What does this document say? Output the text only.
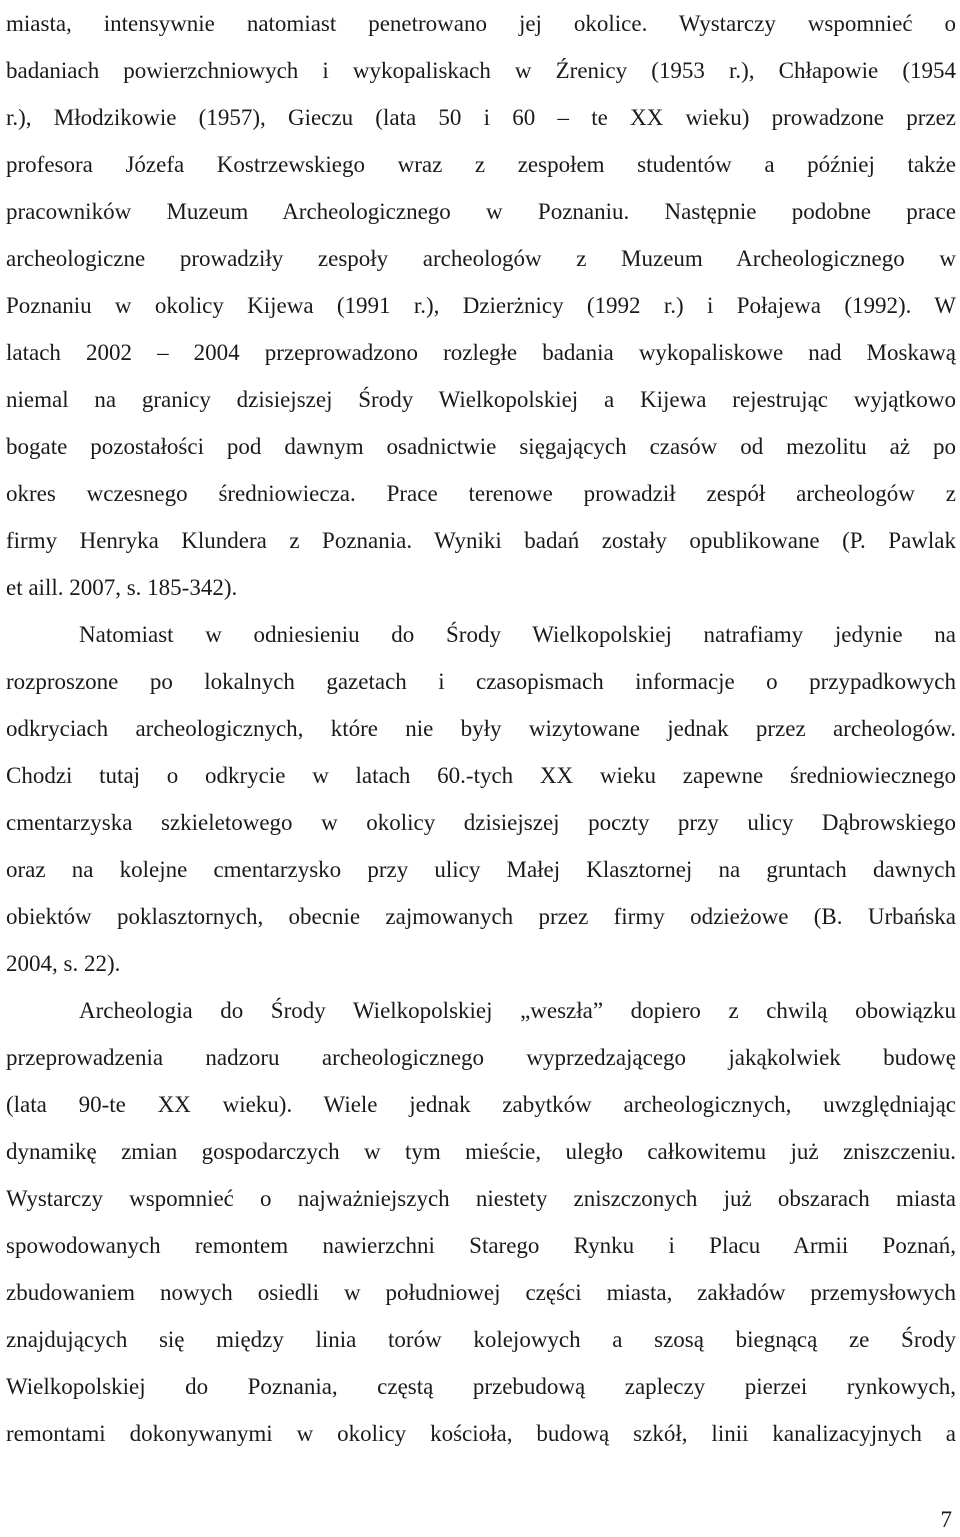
miasta, intensywnie natomiast penetrowano jej okolice. Wystarczy wspomnieć o
badaniach powierzchniowych i wykopaliskach w Źrenicy (1953 r.), Chłapowie (1954
r.), Młodzikowie (1957), Gieczu (lata 50 i 60 – te XX wieku) prowadzone przez
profesora Józefa Kostrzewskiego wraz z zespołem studentów a później także
pracowników Muzeum Archeologicznego w Poznaniu. Następnie podobne prace
archeologiczne prowadziły zespoły archeologów z Muzeum Archeologicznego w
Poznaniu w okolicy Kijewa (1991 r.), Dzierżnicy (1992 r.) i Połajewa (1992). W
latach 2002 – 2004 przeprowadzono rozległe badania wykopaliskowe nad Moskawą
niemal na granicy dzisiejszej Środy Wielkopolskiej a Kijewa rejestrując wyjątkowo
bogate pozostałości pod dawnym osadnictwie sięgających czasów od mezolitu aż po
okres wczesnego średniowiecza. Prace terenowe prowadził zespół archeologów z
firmy Henryka Klundera z Poznania. Wyniki badań zostały opublikowane (P. Pawlak
et aill. 2007, s. 185-342).
Natomiast w odniesieniu do Środy Wielkopolskiej natrafiamy jedynie na
rozproszone po lokalnych gazetach i czasopismach informacje o przypadkowych
odkryciach archeologicznych, które nie były wizytowane jednak przez archeologów.
Chodzi tutaj o odkrycie w latach 60.-tych XX wieku zapewne średniowiecznego
cmentarzyska szkieletowego w okolicy dzisiejszej poczty przy ulicy Dąbrowskiego
oraz na kolejne cmentarzysko przy ulicy Małej Klasztornej na gruntach dawnych
obiektów poklasztornych, obecnie zajmowanych przez firmy odzieżowe (B. Urbańska
2004, s. 22).
Archeologia do Środy Wielkopolskiej „weszła” dopiero z chwilą obowiązku
przeprowadzenia nadzoru archeologicznego wyprzedzającego jakąkolwiek budowę
(lata 90-te XX wieku). Wiele jednak zabytków archeologicznych, uwzględniając
dynamikę zmian gospodarczych w tym mieście, uległo całkowitemu już zniszczeniu.
Wystarczy wspomnieć o najważniejszych niestety zniszczonych już obszarach miasta
spowodowanych remontem nawierzchni Starego Rynku i Placu Armii Poznań,
zbudowaniem nowych osiedli w południowej części miasta, zakładów przemysłowych
znajdujących się między linia torów kolejowych a szosą biegnącą ze Środy
Wielkopolskiej do Poznania, częstą przebudową zapleczy pierzei rynkowych,
remontami dokonywanymi w okolicy kościoła, budową szkół, linii kanalizacyjnych a
7
